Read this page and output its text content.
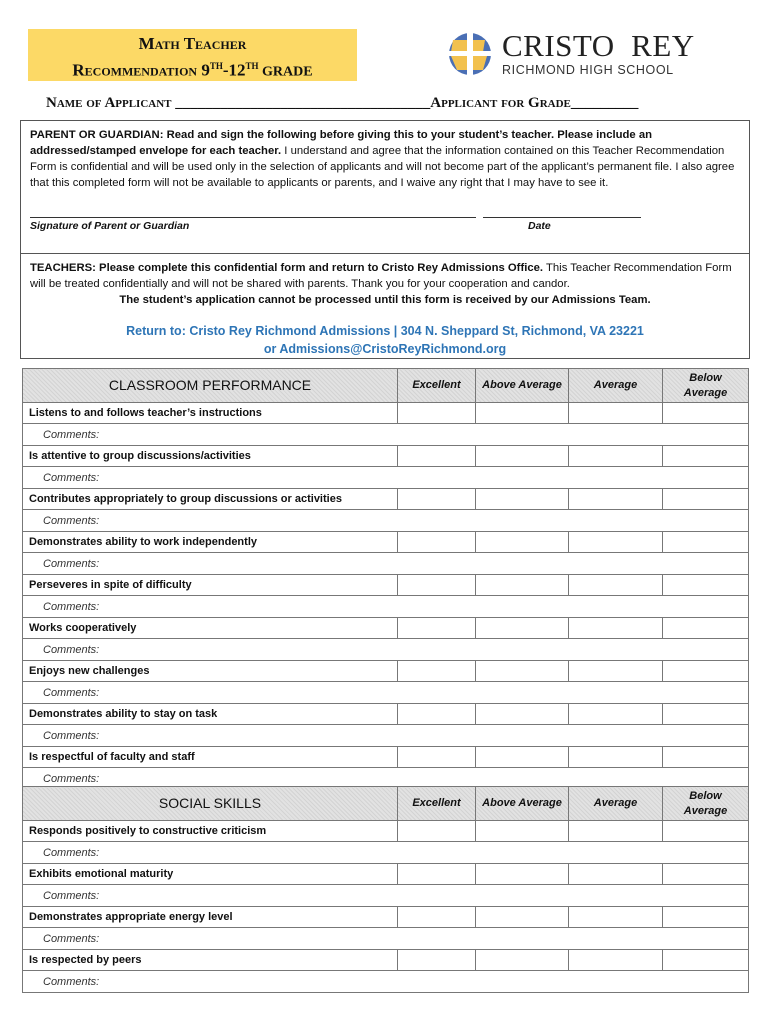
Math Teacher
Recommendation 9TH-12TH GRADE
CRISTO  REY
RICHMOND HIGH SCHOOL
Name of Applicant __________________________________Applicant for Grade_________
PARENT OR GUARDIAN: Read and sign the following before giving this to your student’s teacher. Please include an addressed/stamped envelope for each teacher. I understand and agree that the information contained on this Teacher Recommendation Form is confidential and will be used only in the selection of applicants and will not become part of the applicant’s permanent file. I also agree that this completed form will not be available to applicants or parents, and I waive any right that I may have to see it.
Signature of Parent or Guardian	Date
TEACHERS: Please complete this confidential form and return to Cristo Rey Admissions Office. This Teacher Recommendation Form will be treated confidentially and will not be shared with parents. Thank you for your cooperation and candor.
The student’s application cannot be processed until this form is received by our Admissions Team.
Return to: Cristo Rey Richmond Admissions | 304 N. Sheppard St, Richmond, VA 23221
or Admissions@CristoReyRichmond.org
CLASSROOM PERFORMANCE	Excellent	Above Average	Average	Below Average
Listens to and follows teacher’s instructions				
Comments:				
Is attentive to group discussions/activities				
Comments:				
Contributes appropriately to group discussions or activities				
Comments:				
Demonstrates ability to work independently				
Comments:				
Perseveres in spite of difficulty				
Comments:				
Works cooperatively				
Comments:				
Enjoys new challenges				
Comments:				
Demonstrates ability to stay on task				
Comments:				
Is respectful of faculty and staff				
Comments:				
SOCIAL SKILLS	Excellent	Above Average	Average	Below Average
Responds positively to constructive criticism				
Comments:				
Exhibits emotional maturity				
Comments:				
Demonstrates appropriate energy level				
Comments:				
Is respected by peers				
Comments:				
